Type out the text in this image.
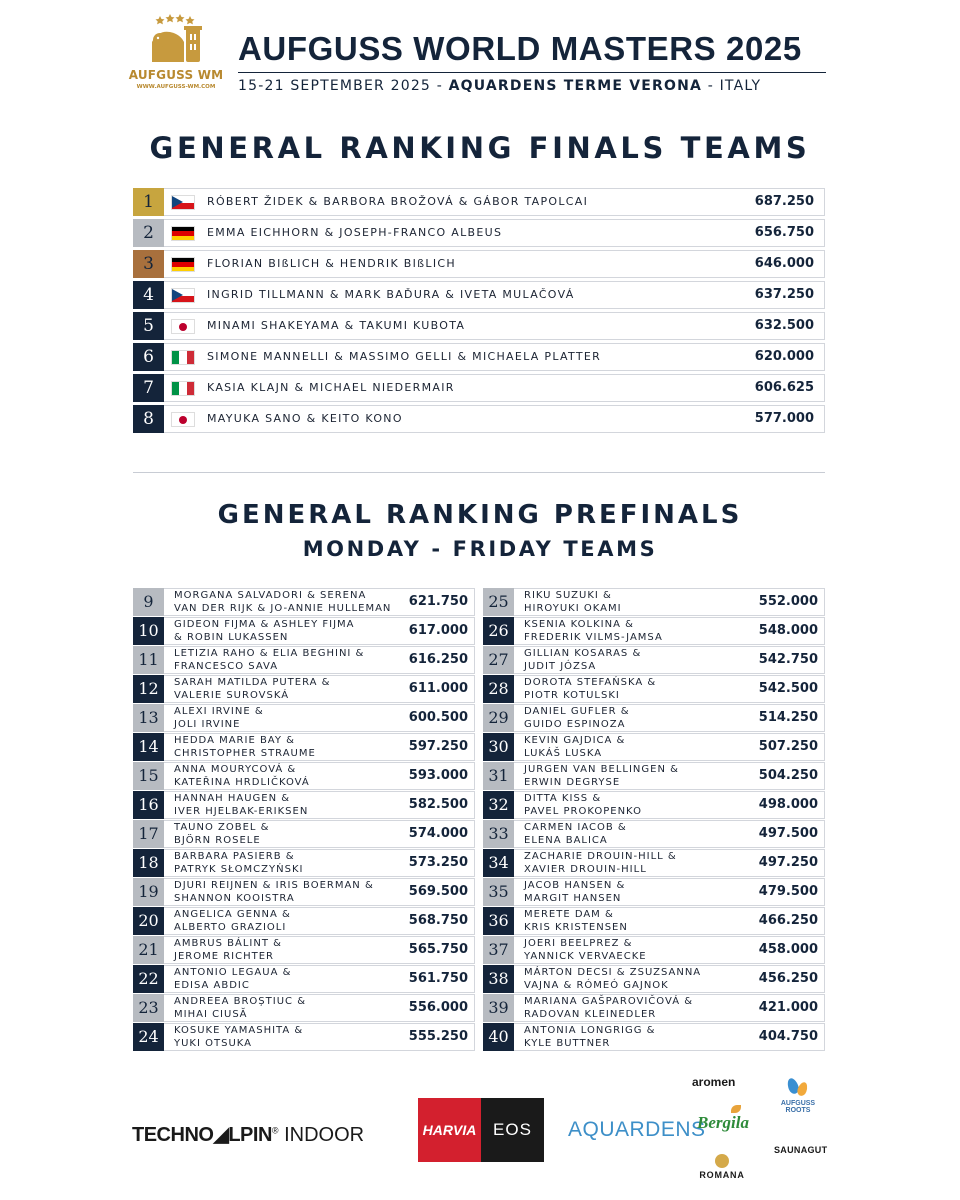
AUFGUSS WM
WWW.AUFGUSS-WM.COM
AUFGUSS WORLD MASTERS 2025
15-21 SEPTEMBER 2025 - AQUARDENS TERME VERONA - ITALY
GENERAL RANKING FINALS TEAMS
1	RÓBERT ŽIDEK & BARBORA BROŽOVÁ & GÁBOR TAPOLCAI	687.250
2	EMMA EICHHORN & JOSEPH-FRANCO ALBEUS	656.750
3	FLORIAN BIßLICH & HENDRIK BIßLICH	646.000
4	INGRID TILLMANN & MARK BAĎURA & IVETA MULAČOVÁ	637.250
5	MINAMI SHAKEYAMA & TAKUMI KUBOTA	632.500
6	SIMONE MANNELLI & MASSIMO GELLI & MICHAELA PLATTER	620.000
7	KASIA KLAJN & MICHAEL NIEDERMAIR	606.625
8	MAYUKA SANO & KEITO KONO	577.000
GENERAL RANKING PREFINALS
MONDAY - FRIDAY TEAMS
9	MORGANA SALVADORI & SERENA
VAN DER RIJK & JO-ANNIE HULLEMAN 621.750
10	GIDEON FIJMA & ASHLEY FIJMA
& ROBIN LUKASSEN	617.000
11	LETIZIA RAHO & ELIA BEGHINI &
FRANCESCO SAVA	616.250
12	SARAH MATILDA PUTERA &
VALERIE SUROVSKÁ	611.000
13	ALEXI IRVINE &
JOLI IRVINE	600.500
14	HEDDA MARIE BAY &
CHRISTOPHER STRAUME	597.250
15	ANNA MOURYCOVÁ &
KATEŘINA HRDLIČKOVÁ	593.000
16	HANNAH HAUGEN &
IVER HJELBAK-ERIKSEN	582.500
17	TAUNO ZOBEL &
BJÖRN ROSELE	574.000
18	BARBARA PASIERB &
PATRYK SŁOMCZYŃSKI	573.250
19	DJURI REIJNEN & IRIS BOERMAN &
SHANNON KOOISTRA	569.500
20	ANGELICA GENNA &
ALBERTO GRAZIOLI	568.750
21	AMBRUS BÁLINT &
JEROME RICHTER	565.750
22	ANTONIO LEGAUA &
EDISA ABDIC	561.750
23	ANDREEA BROȘTIUC &
MIHAI CIUSĂ	556.000
24	KOSUKE YAMASHITA &
YUKI OTSUKA	555.250
25	RIKU SUZUKI &
HIROYUKI OKAMI	552.000
26	KSENIA KOLKINA &
FREDERIK VILMS-JAMSA	548.000
27	GILLIAN KOSARAS &
JUDIT JÓZSA	542.750
28	DOROTA STEFAŃSKA &
PIOTR KOTULSKI	542.500
29	DANIEL GUFLER &
GUIDO ESPINOZA	514.250
30	KEVIN GAJDICA &
LUKÁŠ LUSKA	507.250
31	JURGEN VAN BELLINGEN &
ERWIN DEGRYSE	504.250
32	DITTA KISS &
PAVEL PROKOPENKO	498.000
33	CARMEN IACOB &
ELENA BALICA	497.500
34	ZACHARIE DROUIN-HILL &
XAVIER DROUIN-HILL	497.250
35	JACOB HANSEN &
MARGIT HANSEN	479.500
36	MERETE DAM &
KRIS KRISTENSEN	466.250
37	JOERI BEELPREZ &
YANNICK VERVAECKE	458.000
38	MÁRTON DECSI & ZSUZSANNA
VAJNA & RÓMEÓ GAJNOK	456.250
39	MARIANA GAŠPAROVIČOVÁ &
RADOVAN KLEINEDLER	421.000
40	ANTONIA LONGRIGG &
KYLE BUTTNER	404.750
TECHNO◢LPIN® INDOOR	HARVIA EOS	AQUARDENS
aromen
Bergila
ROMANA
AUFGUSS ROOTS
SAUNAGUT
